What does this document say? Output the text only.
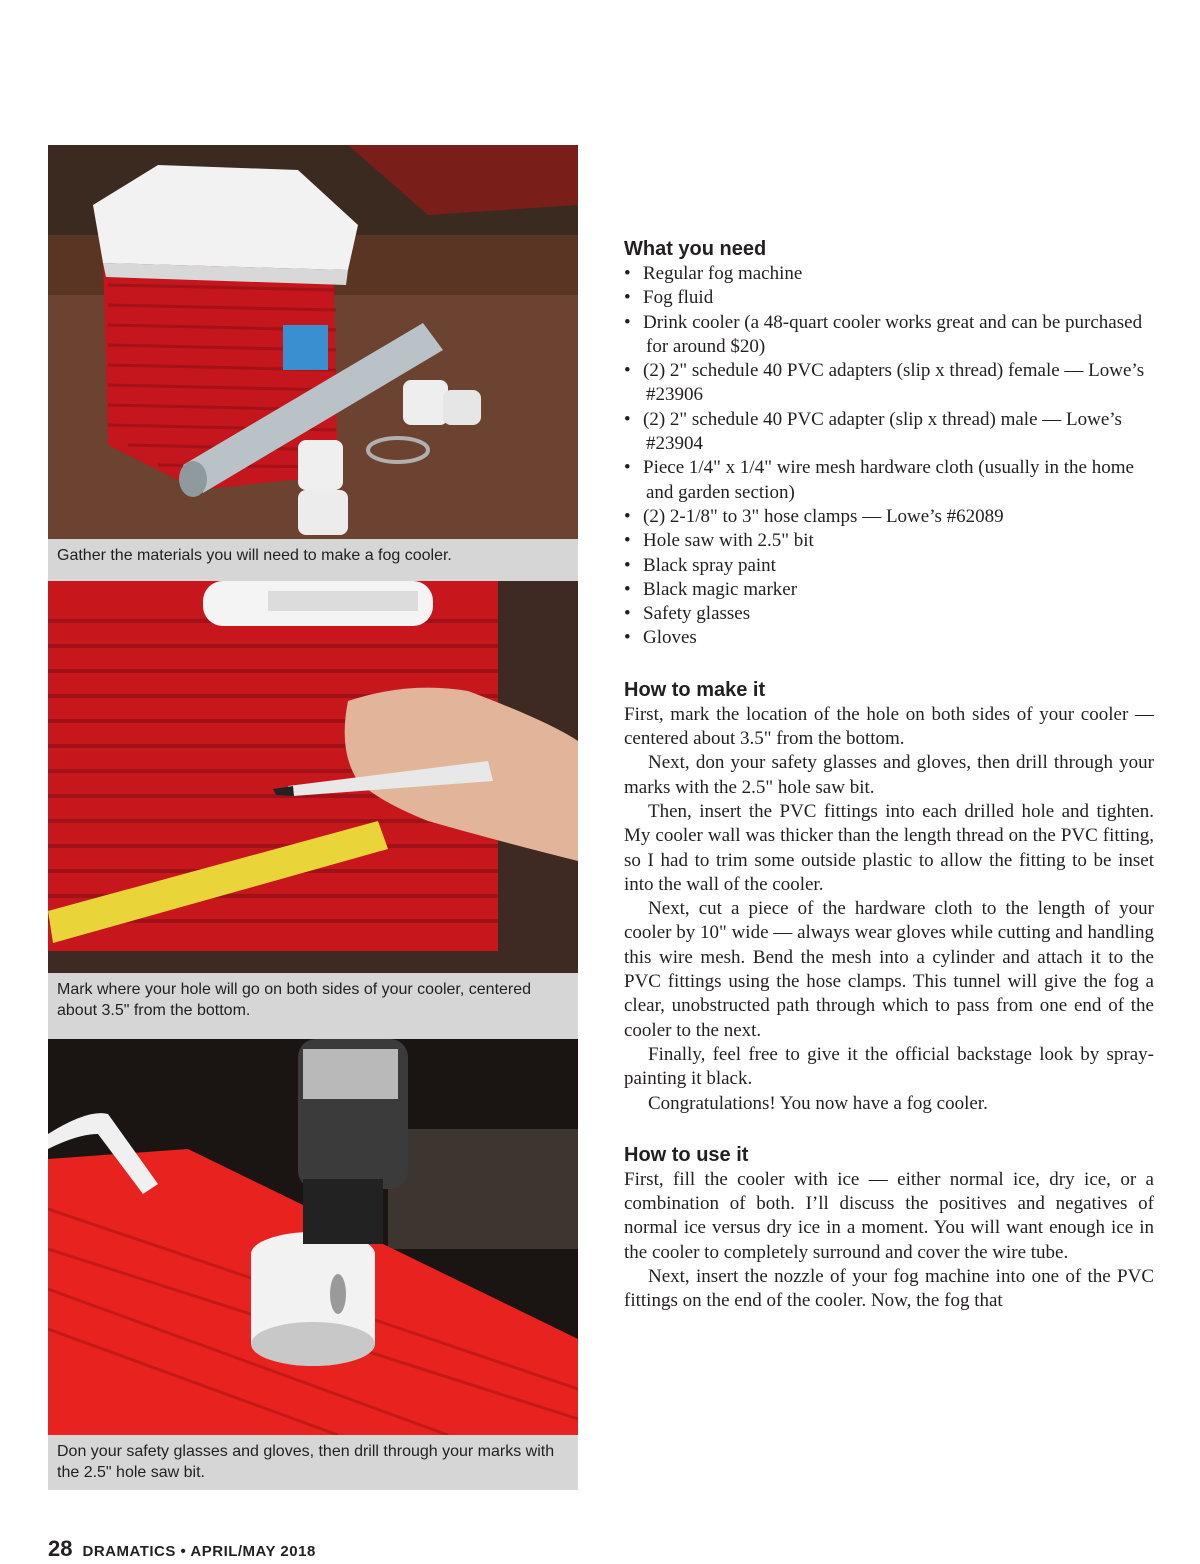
Gather the materials you will need to make a fog cooler.
Mark where your hole will go on both sides of your cooler, centered about 3.5" from the bottom.
Don your safety glasses and gloves, then drill through your marks with the 2.5" hole saw bit.
What you need
• Regular fog machine
• Fog fluid
• Drink cooler (a 48-quart cooler works great and can be purchased for around $20)
• (2) 2" schedule 40 PVC adapters (slip x thread) female — Lowe’s #23906
• (2) 2" schedule 40 PVC adapter (slip x thread) male — Lowe’s #23904
• Piece 1/4" x 1/4" wire mesh hardware cloth (usually in the home and garden section)
• (2) 2-1/8" to 3" hose clamps — Lowe’s #62089
• Hole saw with 2.5" bit
• Black spray paint
• Black magic marker
• Safety glasses
• Gloves
How to make it

First, mark the location of the hole on both sides of your cooler — centered about 3.5" from the bottom.

Next, don your safety glasses and gloves, then drill through your marks with the 2.5" hole saw bit.

Then, insert the PVC fittings into each drilled hole and tighten. My cooler wall was thicker than the length thread on the PVC fitting, so I had to trim some outside plastic to allow the fitting to be inset into the wall of the cooler.

Next, cut a piece of the hardware cloth to the length of your cooler by 10" wide — always wear gloves while cutting and handling this wire mesh. Bend the mesh into a cylinder and attach it to the PVC fittings using the hose clamps. This tunnel will give the fog a clear, unobstructed path through which to pass from one end of the cooler to the next.

Finally, feel free to give it the official backstage look by spray-painting it black.

Congratulations! You now have a fog cooler.

How to use it

First, fill the cooler with ice — either normal ice, dry ice, or a combination of both. I’ll discuss the positives and negatives of normal ice versus dry ice in a moment. You will want enough ice in the cooler to completely surround and cover the wire tube.

Next, insert the nozzle of your fog machine into one of the PVC fittings on the end of the cooler. Now, the fog that

28 DRAMATICS • APRIL/MAY 2018
